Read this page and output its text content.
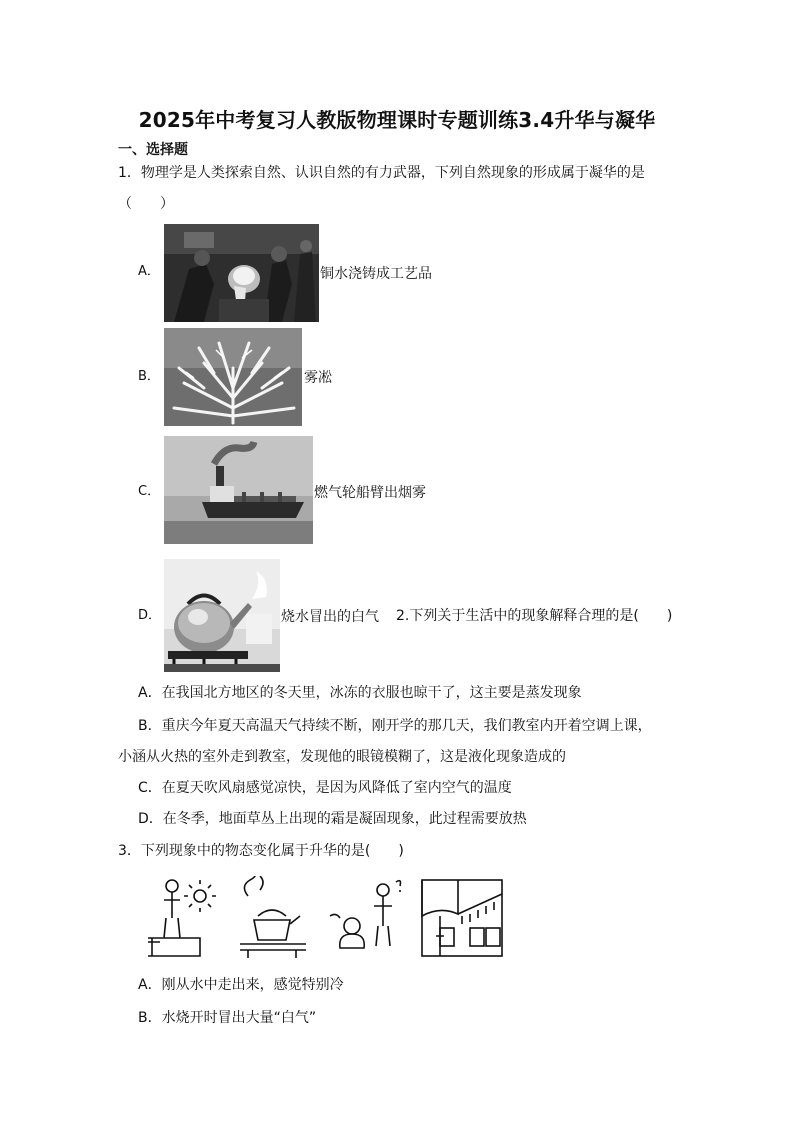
2025年中考复习人教版物理课时专题训练3.4升华与凝华
一、选择题
1．物理学是人类探索自然、认识自然的有力武器，下列自然现象的形成属于凝华的是
（　　）
A．	铜水浇铸成工艺品
B．	雾凇
C．	燃气轮船臂出烟雾
D．	烧水冒出的白气 2.下列关于生活中的现象解释合理的是(　　)
A．在我国北方地区的冬天里，冰冻的衣服也晾干了，这主要是蒸发现象
B．重庆今年夏天高温天气持续不断，刚开学的那几天，我们教室内开着空调上课，
小涵从火热的室外走到教室，发现他的眼镜模糊了，这是液化现象造成的
C．在夏天吹风扇感觉凉快，是因为风降低了室内空气的温度
D．在冬季，地面草丛上出现的霜是凝固现象，此过程需要放热
3．下列现象中的物态变化属于升华的是(　　)
A．刚从水中走出来，感觉特别冷
B．水烧开时冒出大量“白气”
